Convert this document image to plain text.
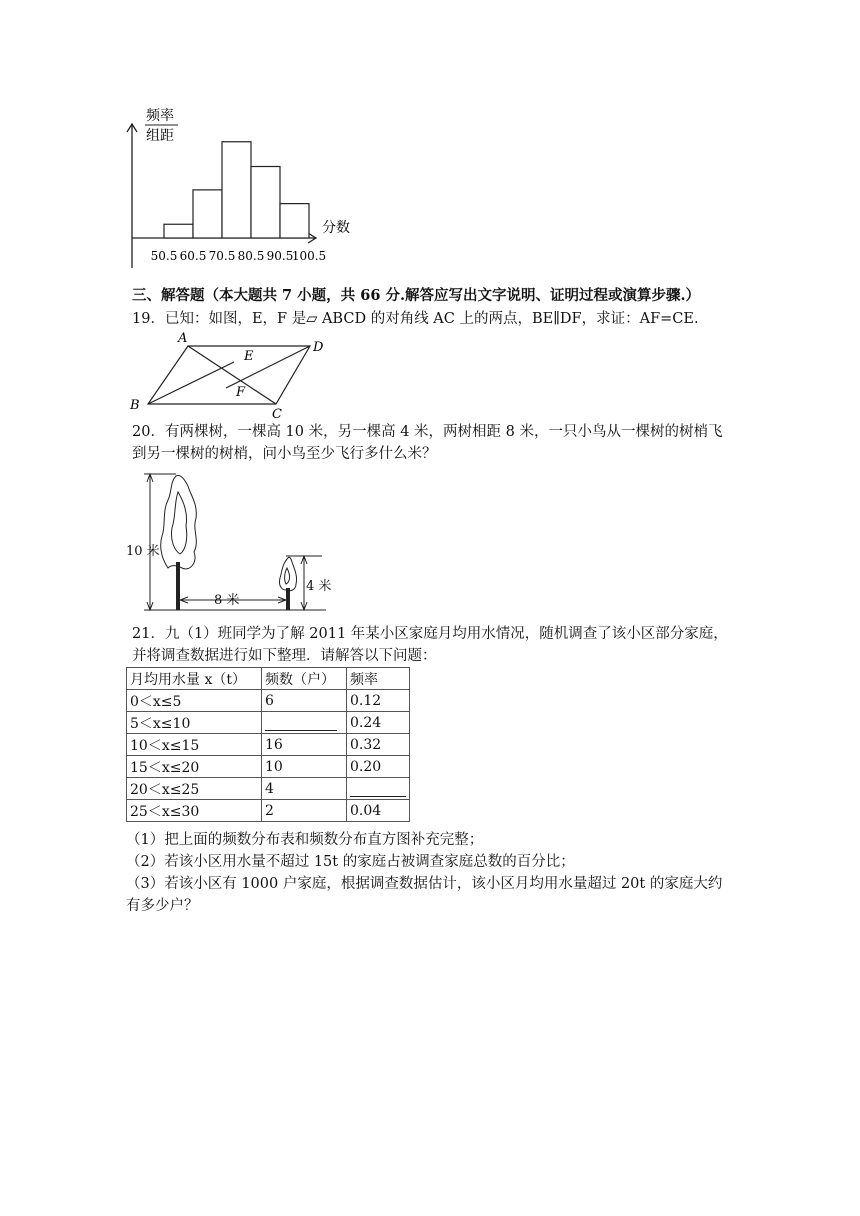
频率
组距
分数
50.5 60.5 70.5 80.5 90.5
100.5
三、解答题（本大题共 7 小题，共 66 分.解答应写出文字说明、证明过程或演算步骤.）
19．已知：如图，E，F 是▱ ABCD 的对角线 AC 上的两点，BE∥DF，求证：AF=CE.
A
D
E
F
B
C
20．有两棵树，一棵高 10 米，另一棵高 4 米，两树相距 8 米，一只小鸟从一棵树的树梢飞
到另一棵树的树梢，问小鸟至少飞行多什么米？
10 米
8 米
4 米
21．九（1）班同学为了解 2011 年某小区家庭月均用水情况，随机调查了该小区部分家庭，
并将调查数据进行如下整理．请解答以下问题：
月均用水量 x（t）	频数（户）	频率
0＜x≤5	6	0.12
5＜x≤10		0.24
10＜x≤15	16	0.32
15＜x≤20	10	0.20
20＜x≤25	4	
25＜x≤30	2	0.04
（1）把上面的频数分布表和频数分布直方图补充完整；
（2）若该小区用水量不超过 15t 的家庭占被调查家庭总数的百分比；
（3）若该小区有 1000 户家庭，根据调查数据估计，该小区月均用水量超过 20t 的家庭大约
有多少户？
